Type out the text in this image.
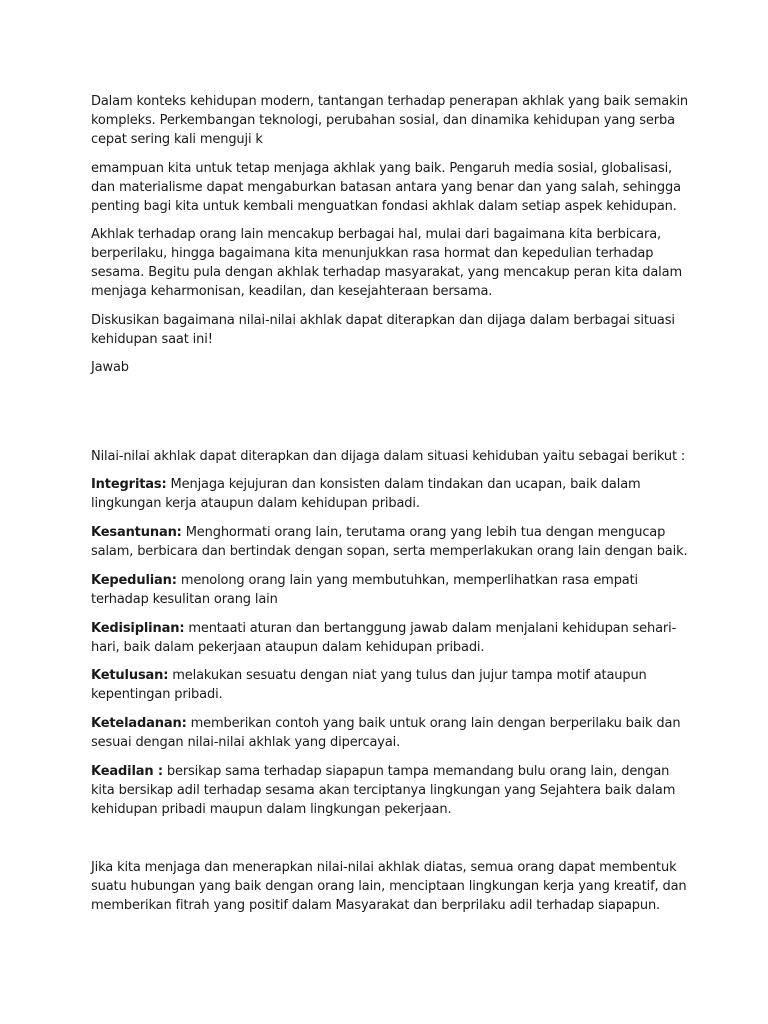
Dalam konteks kehidupan modern, tantangan terhadap penerapan akhlak yang baik semakin kompleks. Perkembangan teknologi, perubahan sosial, dan dinamika kehidupan yang serba cepat sering kali menguji k

emampuan kita untuk tetap menjaga akhlak yang baik. Pengaruh media sosial, globalisasi, dan materialisme dapat mengaburkan batasan antara yang benar dan yang salah, sehingga penting bagi kita untuk kembali menguatkan fondasi akhlak dalam setiap aspek kehidupan.

Akhlak terhadap orang lain mencakup berbagai hal, mulai dari bagaimana kita berbicara, berperilaku, hingga bagaimana kita menunjukkan rasa hormat dan kepedulian terhadap sesama. Begitu pula dengan akhlak terhadap masyarakat, yang mencakup peran kita dalam menjaga keharmonisan, keadilan, dan kesejahteraan bersama.

Diskusikan bagaimana nilai-nilai akhlak dapat diterapkan dan dijaga dalam berbagai situasi kehidupan saat ini!

Jawab

Nilai-nilai akhlak dapat diterapkan dan dijaga dalam situasi kehiduban yaitu sebagai berikut :

Integritas: Menjaga kejujuran dan konsisten dalam tindakan dan ucapan, baik dalam lingkungan kerja ataupun dalam kehidupan pribadi.

Kesantunan: Menghormati orang lain, terutama orang yang lebih tua dengan mengucap salam, berbicara dan bertindak dengan sopan, serta memperlakukan orang lain dengan baik.

Kepedulian: menolong orang lain yang membutuhkan, memperlihatkan rasa empati terhadap kesulitan orang lain

Kedisiplinan: mentaati aturan dan bertanggung jawab dalam menjalani kehidupan sehari-hari, baik dalam pekerjaan ataupun dalam kehidupan pribadi.

Ketulusan: melakukan sesuatu dengan niat yang tulus dan jujur tampa motif ataupun kepentingan pribadi.

Keteladanan: memberikan contoh yang baik untuk orang lain dengan berperilaku baik dan sesuai dengan nilai-nilai akhlak yang dipercayai.

Keadilan : bersikap sama terhadap siapapun tampa memandang bulu orang lain, dengan kita bersikap adil terhadap sesama akan terciptanya lingkungan yang Sejahtera baik dalam kehidupan pribadi maupun dalam lingkungan pekerjaan.

Jika kita menjaga dan menerapkan nilai-nilai akhlak diatas, semua orang dapat membentuk suatu hubungan yang baik dengan orang lain, menciptaan lingkungan kerja yang kreatif, dan memberikan fitrah yang positif dalam Masyarakat dan berprilaku adil terhadap siapapun.
